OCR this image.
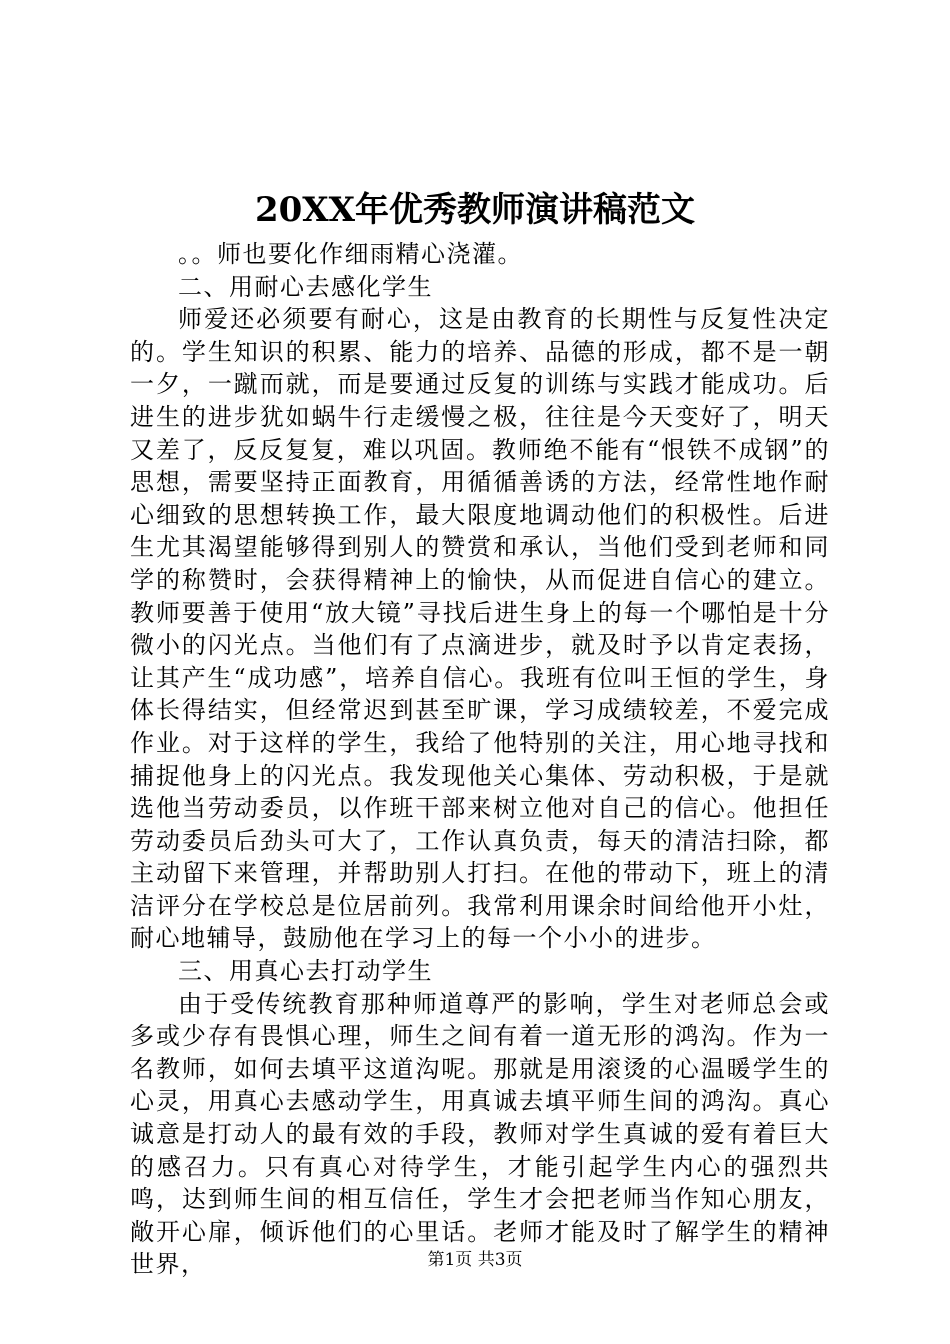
20XX年优秀教师演讲稿范文

。。师也要化作细雨精心浇灌。

二、用耐心去感化学生

师爱还必须要有耐心，这是由教育的长期性与反复性决定的。学生知识的积累、能力的培养、品德的形成，都不是一朝一夕，一蹴而就，而是要通过反复的训练与实践才能成功。后进生的进步犹如蜗牛行走缓慢之极，往往是今天变好了，明天又差了，反反复复，难以巩固。教师绝不能有“恨铁不成钢”的思想，需要坚持正面教育，用循循善诱的方法，经常性地作耐心细致的思想转换工作，最大限度地调动他们的积极性。后进生尤其渴望能够得到别人的赞赏和承认，当他们受到老师和同学的称赞时，会获得精神上的愉快，从而促进自信心的建立。教师要善于使用“放大镜”寻找后进生身上的每一个哪怕是十分微小的闪光点。当他们有了点滴进步，就及时予以肯定表扬，让其产生“成功感”，培养自信心。我班有位叫王恒的学生，身体长得结实，但经常迟到甚至旷课，学习成绩较差，不爱完成作业。对于这样的学生，我给了他特别的关注，用心地寻找和捕捉他身上的闪光点。我发现他关心集体、劳动积极，于是就选他当劳动委员，以作班干部来树立他对自己的信心。他担任劳动委员后劲头可大了，工作认真负责，每天的清洁扫除，都主动留下来管理，并帮助别人打扫。在他的带动下，班上的清洁评分在学校总是位居前列。我常利用课余时间给他开小灶，耐心地辅导，鼓励他在学习上的每一个小小的进步。

三、用真心去打动学生

由于受传统教育那种师道尊严的影响，学生对老师总会或多或少存有畏惧心理，师生之间有着一道无形的鸿沟。作为一名教师，如何去填平这道沟呢。那就是用滚烫的心温暖学生的心灵，用真心去感动学生，用真诚去填平师生间的鸿沟。真心诚意是打动人的最有效的手段，教师对学生真诚的爱有着巨大的感召力。只有真心对待学生，才能引起学生内心的强烈共鸣，达到师生间的相互信任，学生才会把老师当作知心朋友，敞开心扉，倾诉他们的心里话。老师才能及时了解学生的精神世界，	第1页 共3页
